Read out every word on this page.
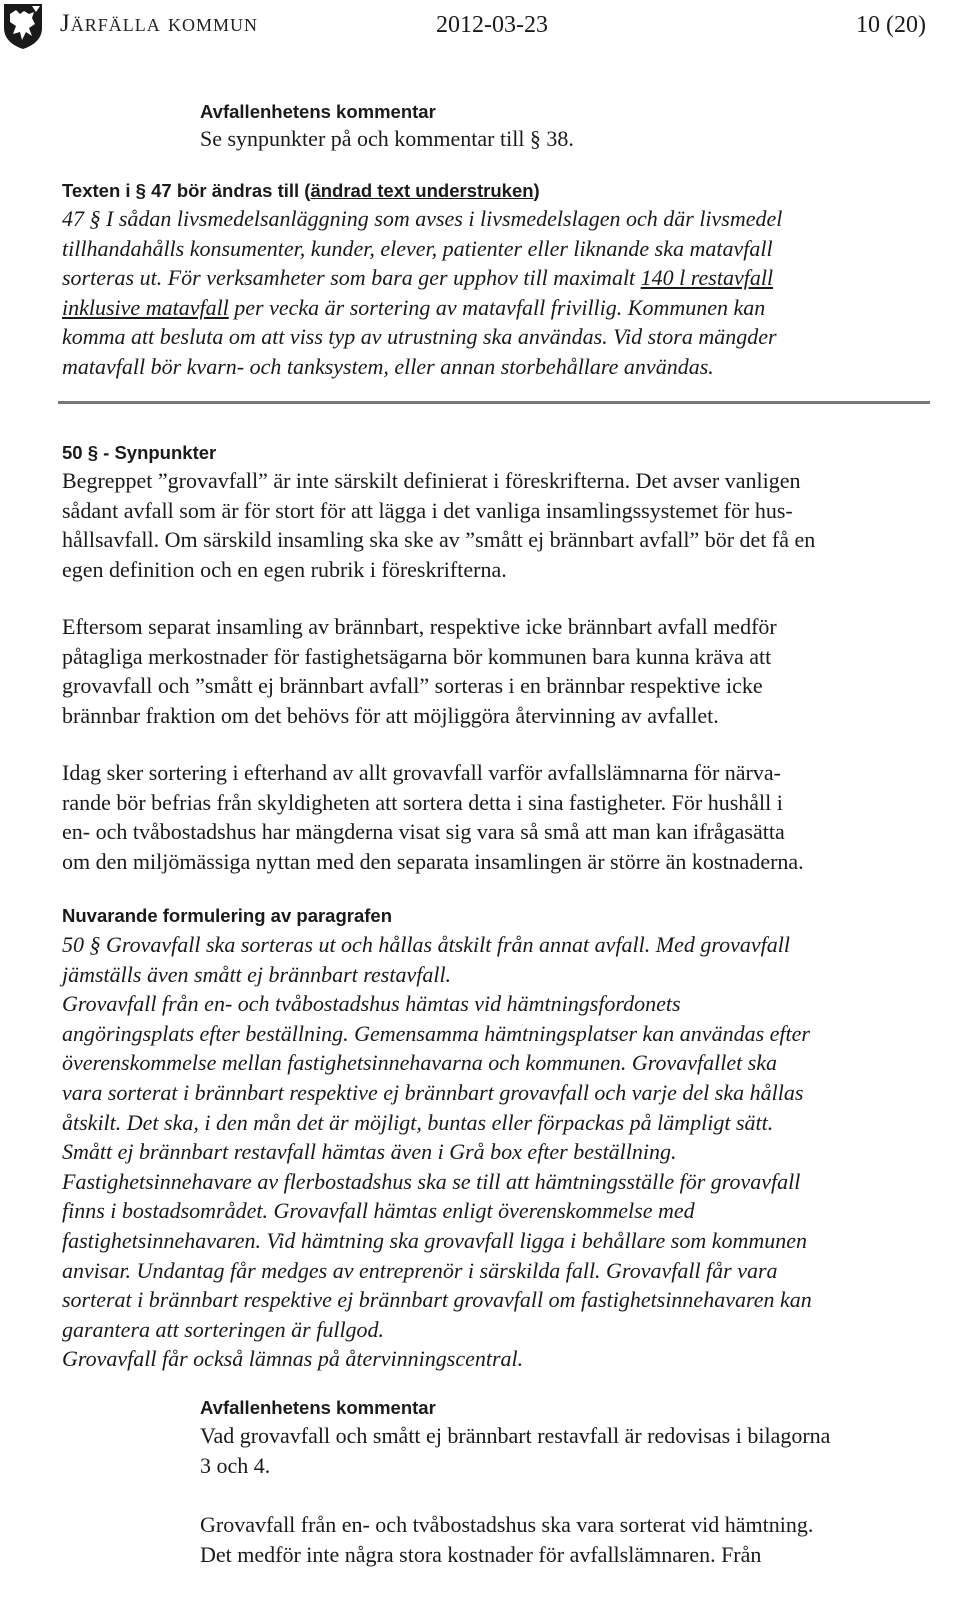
Järfälla kommun	2012-03-23	10 (20)
Avfallenhetens kommentar

Se synpunkter på och kommentar till § 38.

Texten i § 47 bör ändras till (ändrad text understruken)

47 § I sådan livsmedelsanläggning som avses i livsmedelslagen och där livsmedel

tillhandahålls konsumenter, kunder, elever, patienter eller liknande ska matavfall

sorteras ut. För verksamheter som bara ger upphov till maximalt 140 l restavfall

inklusive matavfall per vecka är sortering av matavfall frivillig. Kommunen kan

komma att besluta om att viss typ av utrustning ska användas. Vid stora mängder

matavfall bör kvarn- och tanksystem, eller annan storbehållare användas.

50 § - Synpunkter

Begreppet ”grovavfall” är inte särskilt definierat i föreskrifterna. Det avser vanligen

sådant avfall som är för stort för att lägga i det vanliga insamlingssystemet för hus-

hållsavfall. Om särskild insamling ska ske av ”smått ej brännbart avfall” bör det få en

egen definition och en egen rubrik i föreskrifterna.

Eftersom separat insamling av brännbart, respektive icke brännbart avfall medför

påtagliga merkostnader för fastighetsägarna bör kommunen bara kunna kräva att

grovavfall och ”smått ej brännbart avfall” sorteras i en brännbar respektive icke

brännbar fraktion om det behövs för att möjliggöra återvinning av avfallet.

Idag sker sortering i efterhand av allt grovavfall varför avfallslämnarna för närva-

rande bör befrias från skyldigheten att sortera detta i sina fastigheter. För hushåll i

en- och tvåbostadshus har mängderna visat sig vara så små att man kan ifrågasätta

om den miljömässiga nyttan med den separata insamlingen är större än kostnaderna.

Nuvarande formulering av paragrafen

50 § Grovavfall ska sorteras ut och hållas åtskilt från annat avfall. Med grovavfall

jämställs även smått ej brännbart restavfall.

Grovavfall från en- och tvåbostadshus hämtas vid hämtningsfordonets

angöringsplats efter beställning. Gemensamma hämtningsplatser kan användas efter

överenskommelse mellan fastighetsinnehavarna och kommunen. Grovavfallet ska

vara sorterat i brännbart respektive ej brännbart grovavfall och varje del ska hållas

åtskilt. Det ska, i den mån det är möjligt, buntas eller förpackas på lämpligt sätt.

Smått ej brännbart restavfall hämtas även i Grå box efter beställning.

Fastighetsinnehavare av flerbostadshus ska se till att hämtningsställe för grovavfall

finns i bostadsområdet. Grovavfall hämtas enligt överenskommelse med

fastighetsinnehavaren. Vid hämtning ska grovavfall ligga i behållare som kommunen

anvisar. Undantag får medges av entreprenör i särskilda fall. Grovavfall får vara

sorterat i brännbart respektive ej brännbart grovavfall om fastighetsinnehavaren kan

garantera att sorteringen är fullgod.

Grovavfall får också lämnas på återvinningscentral.

Avfallenhetens kommentar

Vad grovavfall och smått ej brännbart restavfall är redovisas i bilagorna

3 och 4.

Grovavfall från en- och tvåbostadshus ska vara sorterat vid hämtning.

Det medför inte några stora kostnader för avfallslämnaren. Från
